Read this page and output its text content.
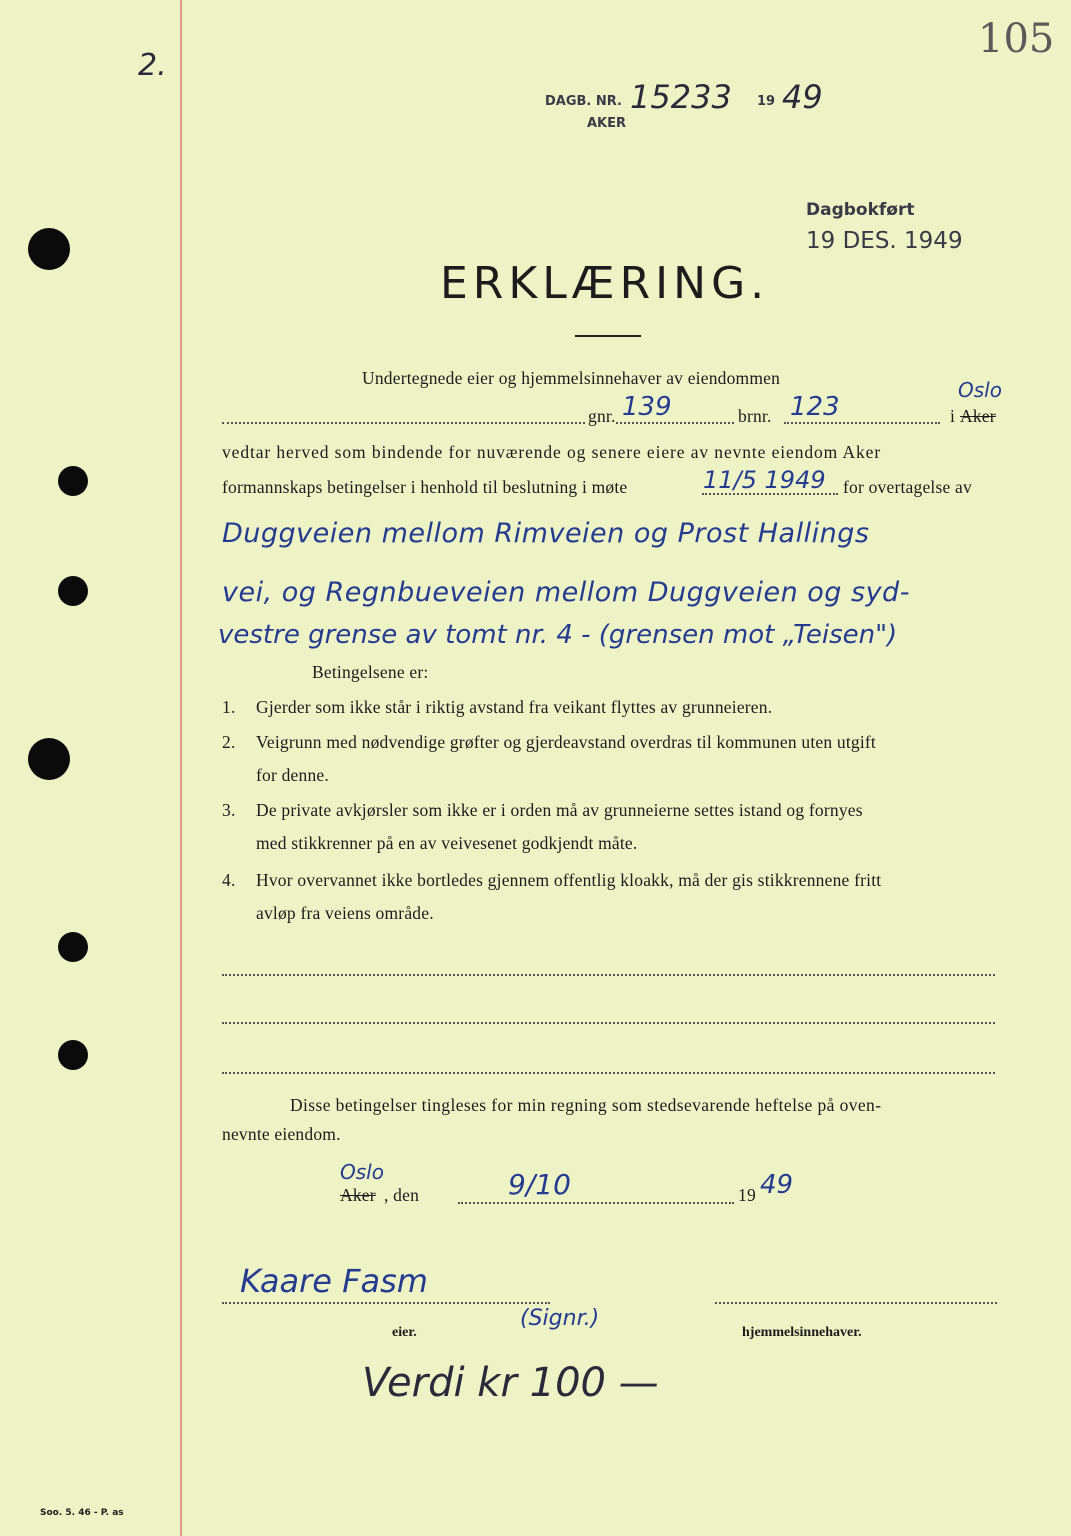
2.
105
DAGB. NR. 15233 19 49
AKER
Dagbokført
19 DES. 1949
ERKLÆRING.
Undertegnede eier og hjemmelsinnehaver av eiendommen
gnr. 139	brnr. 123	i Aker
Oslo
vedtar herved som bindende for nuværende og senere eiere av nevnte eiendom Aker
formannskaps betingelser i henhold til beslutning i møte	11/5 1949 for overtagelse av
Duggveien mellom Rimveien og Prost Hallings
vei, og Regnbueveien mellom Duggveien og syd-
vestre grense av tomt nr. 4 - (grensen mot „Teisen")
Betingelsene er:
1. Gjerder som ikke står i riktig avstand fra veikant flyttes av grunneieren.
2. Veigrunn med nødvendige grøfter og gjerdeavstand overdras til kommunen uten utgift
for denne.
3. De private avkjørsler som ikke er i orden må av grunneierne settes istand og fornyes
med stikkrenner på en av veivesenet godkjendt måte.
4. Hvor overvannet ikke bortledes gjennem offentlig kloakk, må der gis stikkrennene fritt
avløp fra veiens område.
Disse betingelser tingleses for min regning som stedsevarende heftelse på oven-
nevnte eiendom.
Oslo
Aker , den	9/10	19 49
Kaare Fasm
(Signr.)
eier.	hjemmelsinnehaver.
Verdi kr 100 —
Soo. 5. 46 - P. as
